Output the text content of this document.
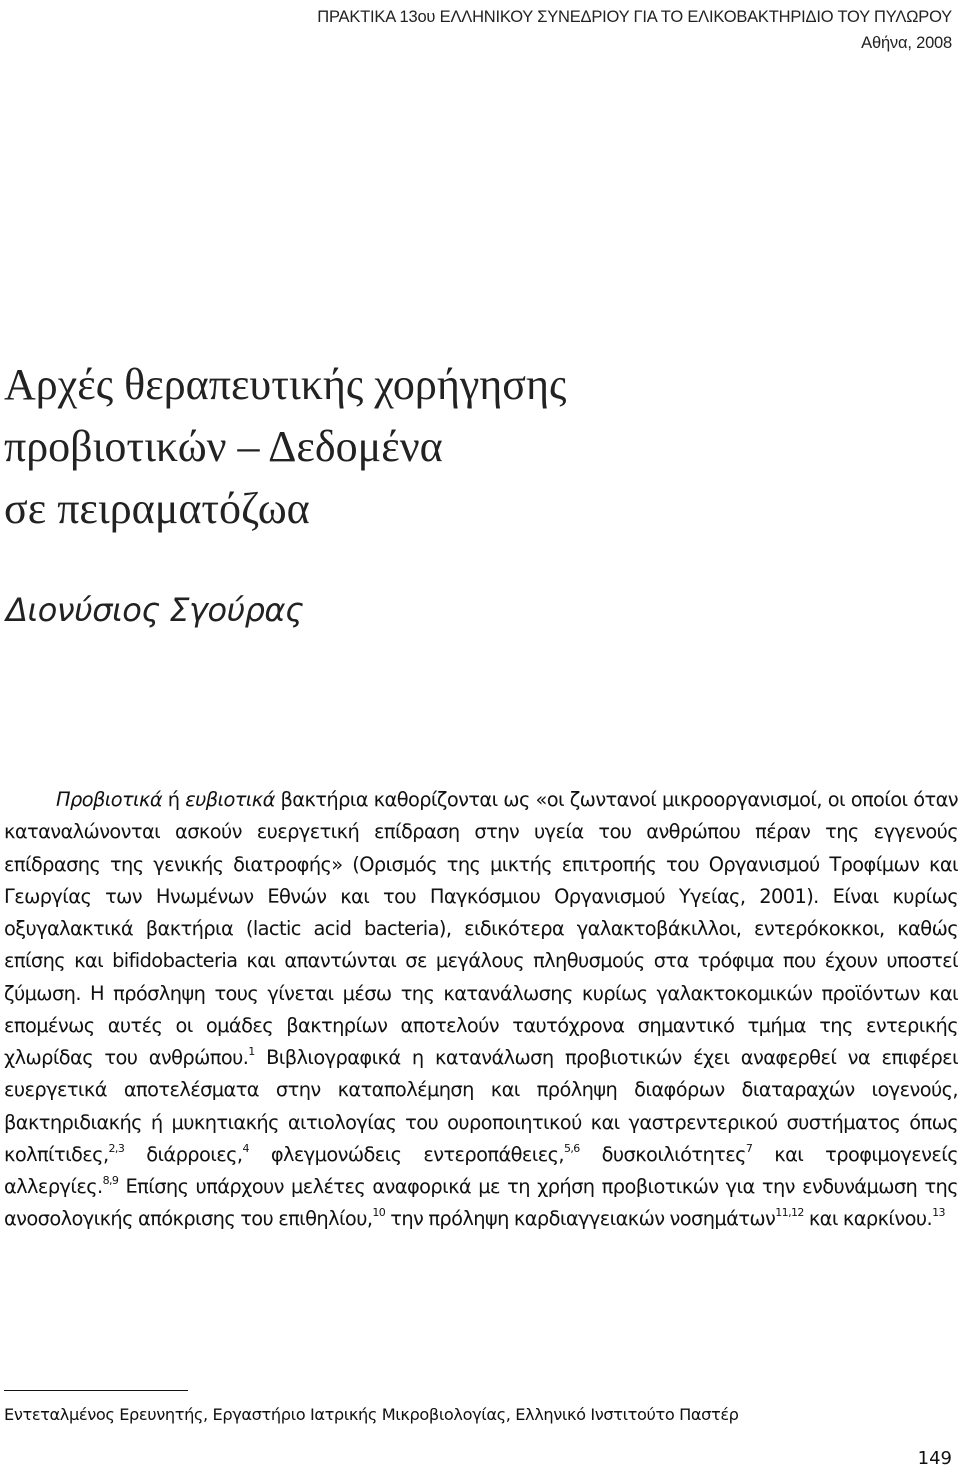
ΠΡΑΚΤΙΚΑ 13ου ΕΛΛΗΝΙΚΟΥ ΣΥΝΕΔΡΙΟΥ ΓΙΑ ΤΟ ΕΛΙΚΟΒΑΚΤΗΡΙΔΙΟ ΤΟΥ ΠΥΛΩΡΟΥ
Αθήνα, 2008
Αρχές θεραπευτικής χορήγησης
προβιοτικών – Δεδομένα
σε πειραματόζωα
Διονύσιος Σγούρας

Προβιοτικά ή ευβιοτικά βακτήρια καθορίζονται ως «οι ζωντανοί μικροοργανισμοί, οι οποίοι όταν καταναλώνονται ασκούν ευεργετική επίδραση στην υγεία του ανθρώπου πέραν της εγγενούς επίδρασης της γενικής διατροφής» (Ορισμός της μικτής επιτροπής του Οργανισμού Τροφίμων και Γεωργίας των Ηνωμένων Εθνών και του Παγκόσμιου Οργανισμού Υγείας, 2001). Είναι κυρίως οξυγαλακτικά βακτήρια (lactic acid bacteria), ειδικότερα γαλακτοβάκιλλοι, εντερόκοκκοι, καθώς επίσης και bifidobacteria και απαντώνται σε μεγάλους πληθυσμούς στα τρόφιμα που έχουν υποστεί ζύμωση. Η πρόσληψη τους γίνεται μέσω της κατανάλωσης κυρίως γαλακτοκομικών προϊόντων και επομένως αυτές οι ομάδες βακτηρίων αποτελούν ταυτόχρονα σημαντικό τμήμα της εντερικής χλωρίδας του ανθρώπου.$^1$ Βιβλιογραφικά η κατανάλωση προβιοτικών έχει αναφερθεί να επιφέρει ευεργετικά αποτελέσματα στην καταπολέμηση και πρόληψη διαφόρων διαταραχών ιογενούς, βακτηριδιακής ή μυκητιακής αιτιολογίας του ουροποιητικού και γαστρεντερικού συστήματος όπως κολπίτιδες,$^{2,3}$ διάρροιες,$^4$ φλεγμονώδεις εντεροπάθειες,$^{5,6}$ δυσκοιλιότητες$^7$ και τροφιμογενείς αλλεργίες.$^{8,9}$ Επίσης υπάρχουν μελέτες αναφορικά με τη χρήση προβιοτικών για την ενδυνάμωση της ανοσολογικής απόκρισης του επιθηλίου,$^{10}$ την πρόληψη καρδιαγγειακών νοσημάτων$^{11,12}$ και καρκίνου.$^{13}$

Εντεταλμένος Ερευνητής, Εργαστήριο Ιατρικής Μικροβιολογίας, Ελληνικό Ινστιτούτο Παστέρ
149
